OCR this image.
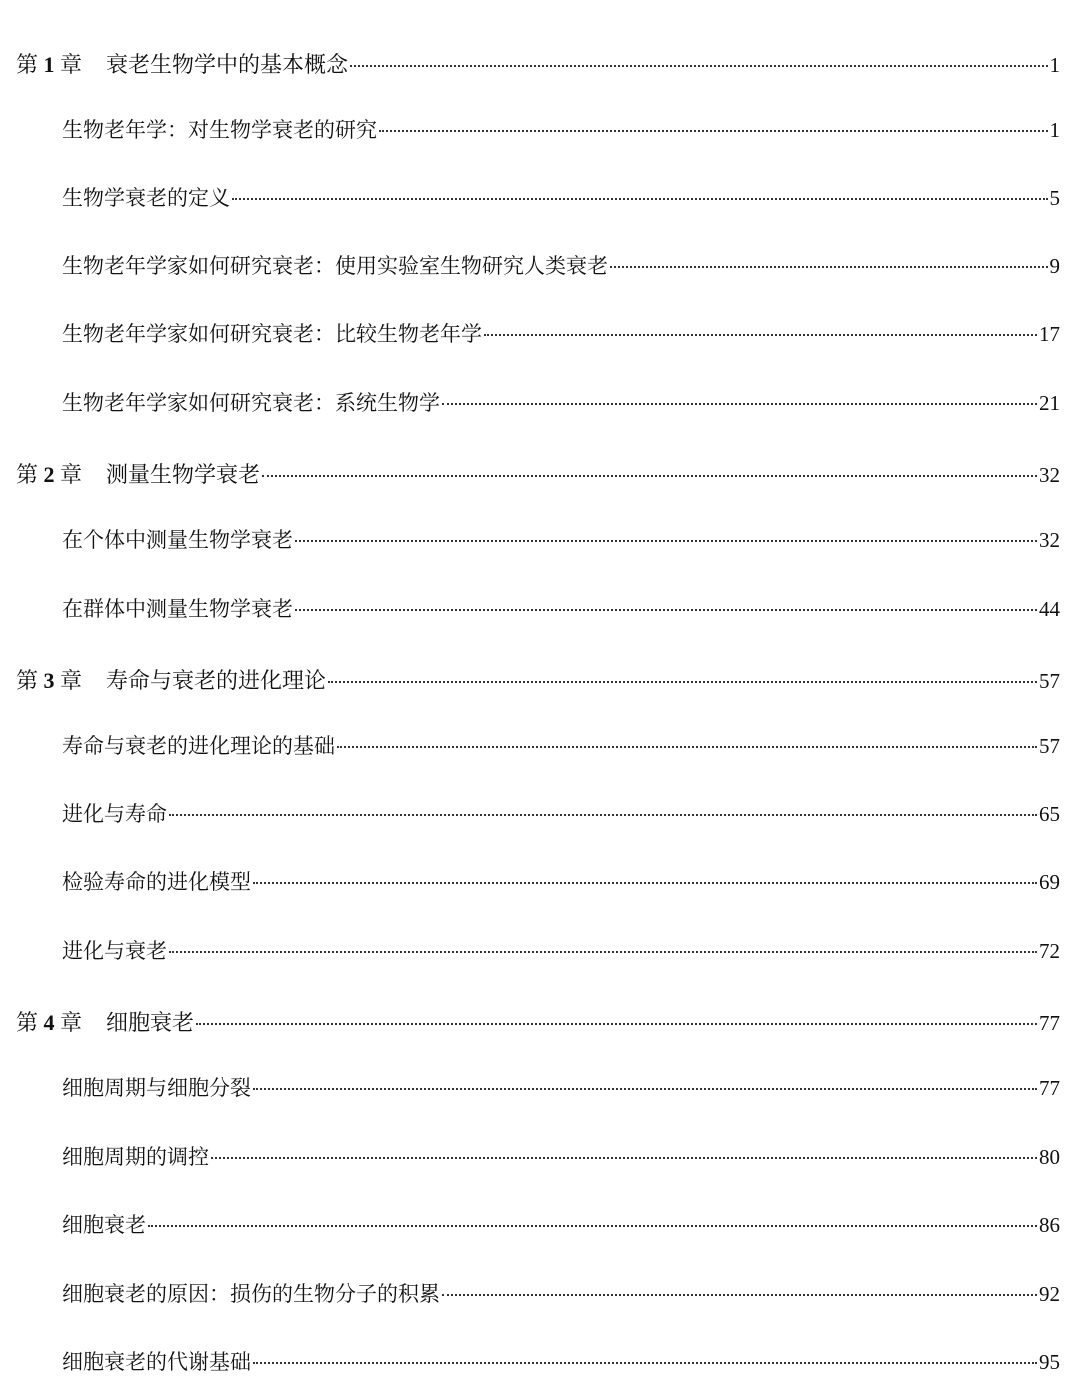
第 1 章 衰老生物学中的基本概念	1
生物老年学：对生物学衰老的研究	1
生物学衰老的定义	5
生物老年学家如何研究衰老：使用实验室生物研究人类衰老	9
生物老年学家如何研究衰老：比较生物老年学	17
生物老年学家如何研究衰老：系统生物学	21
第 2 章 测量生物学衰老	32
在个体中测量生物学衰老	32
在群体中测量生物学衰老	44
第 3 章 寿命与衰老的进化理论	57
寿命与衰老的进化理论的基础	57
进化与寿命	65
检验寿命的进化模型	69
进化与衰老	72
第 4 章 细胞衰老	77
细胞周期与细胞分裂	77
细胞周期的调控	80
细胞衰老	86
细胞衰老的原因：损伤的生物分子的积累	92
细胞衰老的代谢基础	95
